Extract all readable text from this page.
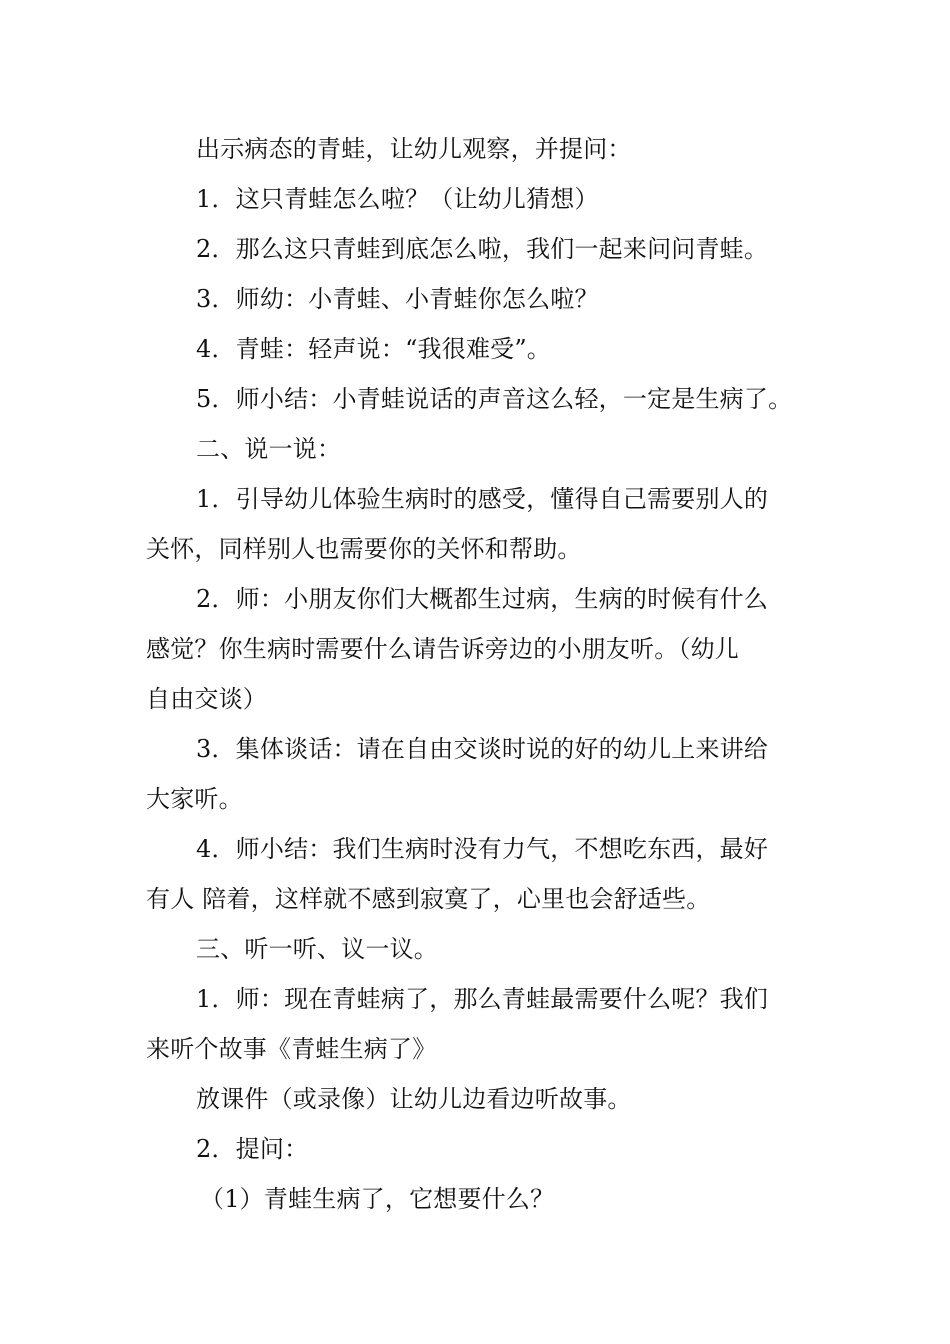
出示病态的青蛙，让幼儿观察，并提问：
1．这只青蛙怎么啦？（让幼儿猜想）
2．那么这只青蛙到底怎么啦，我们一起来问问青蛙。
3．师幼：小青蛙、小青蛙你怎么啦？
4．青蛙：轻声说：“我很难受”。
5．师小结：小青蛙说话的声音这么轻，一定是生病了。
二、说一说：
1．引导幼儿体验生病时的感受，懂得自己需要别人的
关怀，同样别人也需要你的关怀和帮助。
2．师：小朋友你们大概都生过病，生病的时候有什么
感觉？你生病时需要什么请告诉旁边的小朋友听。（幼儿
自由交谈）
3．集体谈话：请在自由交谈时说的好的幼儿上来讲给
大家听。
4．师小结：我们生病时没有力气，不想吃东西，最好
有人 陪着，这样就不感到寂寞了，心里也会舒适些。
三、听一听、议一议。
1．师：现在青蛙病了，那么青蛙最需要什么呢？我们
来听个故事《青蛙生病了》
放课件（或录像）让幼儿边看边听故事。
2．提问：
（1）青蛙生病了，它想要什么？
